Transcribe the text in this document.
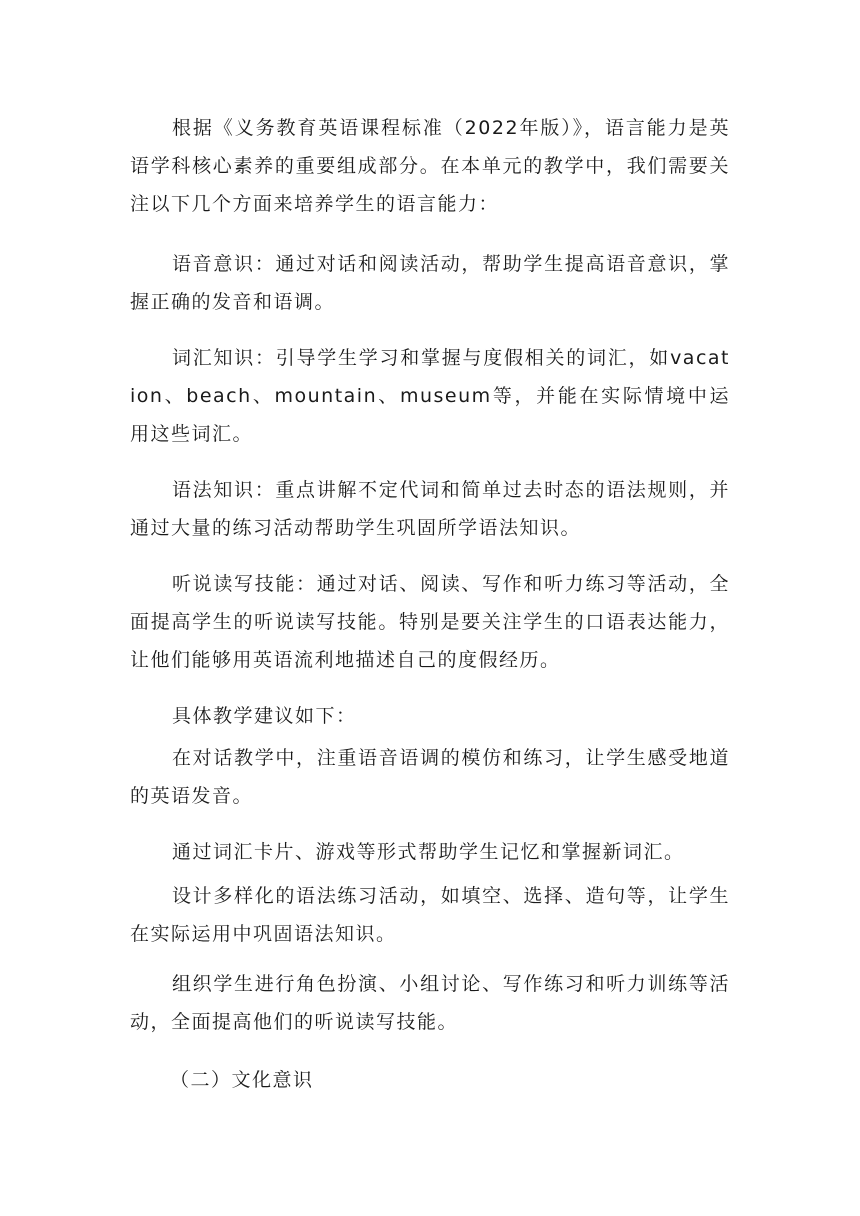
根据《义务教育英语课程标准（2022年版）》，语言能力是英语学科核心素养的重要组成部分。在本单元的教学中，我们需要关注以下几个方面来培养学生的语言能力：

语音意识：通过对话和阅读活动，帮助学生提高语音意识，掌握正确的发音和语调。

词汇知识：引导学生学习和掌握与度假相关的词汇，如vacation、beach、mountain、museum等，并能在实际情境中运用这些词汇。

语法知识：重点讲解不定代词和简单过去时态的语法规则，并通过大量的练习活动帮助学生巩固所学语法知识。

听说读写技能：通过对话、阅读、写作和听力练习等活动，全面提高学生的听说读写技能。特别是要关注学生的口语表达能力，让他们能够用英语流利地描述自己的度假经历。

具体教学建议如下：

在对话教学中，注重语音语调的模仿和练习，让学生感受地道的英语发音。

通过词汇卡片、游戏等形式帮助学生记忆和掌握新词汇。

设计多样化的语法练习活动，如填空、选择、造句等，让学生在实际运用中巩固语法知识。

组织学生进行角色扮演、小组讨论、写作练习和听力训练等活动，全面提高他们的听说读写技能。

（二）文化意识
